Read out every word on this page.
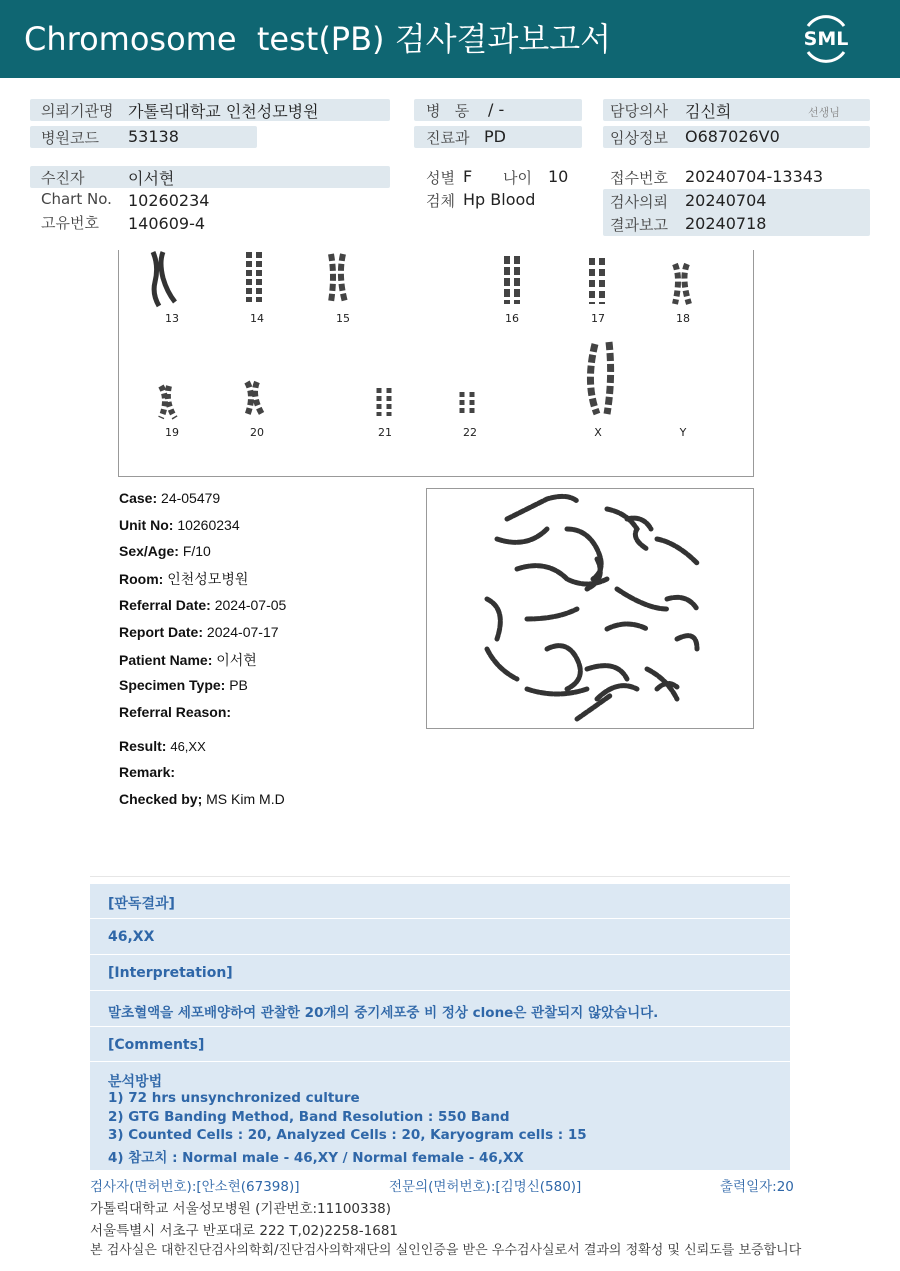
Chromosome  test(PB) 검사결과보고서	SML
의뢰기관명 가톨릭대학교 인천성모병원
병원코드 53138
수진자	이서현
Chart No. 10260234
고유번호 140609-4
병   동 / -
진료과 PD
성별 F 나이 10
검체 Hp Blood
담당의사 김신희	선생님
임상정보 O687026V0
접수번호 20240704-13343
검사의뢰 20240704
결과보고 20240718
13	14	15	16	17	18
19	20	21	22	X	Y
Case: 24-05479
Unit No: 10260234
Sex/Age: F/10
Room: 인천성모병원
Referral Date: 2024-07-05
Report Date: 2024-07-17
Patient Name: 이서현
Specimen Type: PB
Referral Reason:
Result: 46,XX
Remark:
Checked by; MS Kim M.D
[판독결과]
46,XX
[Interpretation]
말초혈액을 세포배양하여 관찰한 20개의 중기세포중 비 정상 clone은 관찰되지 않았습니다.
[Comments]
분석방법
1) 72 hrs unsynchronized culture
2) GTG Banding Method, Band Resolution : 550 Band
3) Counted Cells : 20, Analyzed Cells : 20, Karyogram cells : 15
4) 참고치 : Normal male - 46,XY / Normal female - 46,XX
검사자(면허번호):[안소현(67398)]	전문의(면허번호):[김명신(580)]	출력일자:20
가톨릭대학교 서울성모병원 (기관번호:11100338)
서울특별시 서초구 반포대로 222 T,02)2258-1681
본 검사실은 대한진단검사의학회/진단검사의학재단의 실인인증을 받은 우수검사실로서 결과의 정확성 및 신뢰도를 보증합니다
